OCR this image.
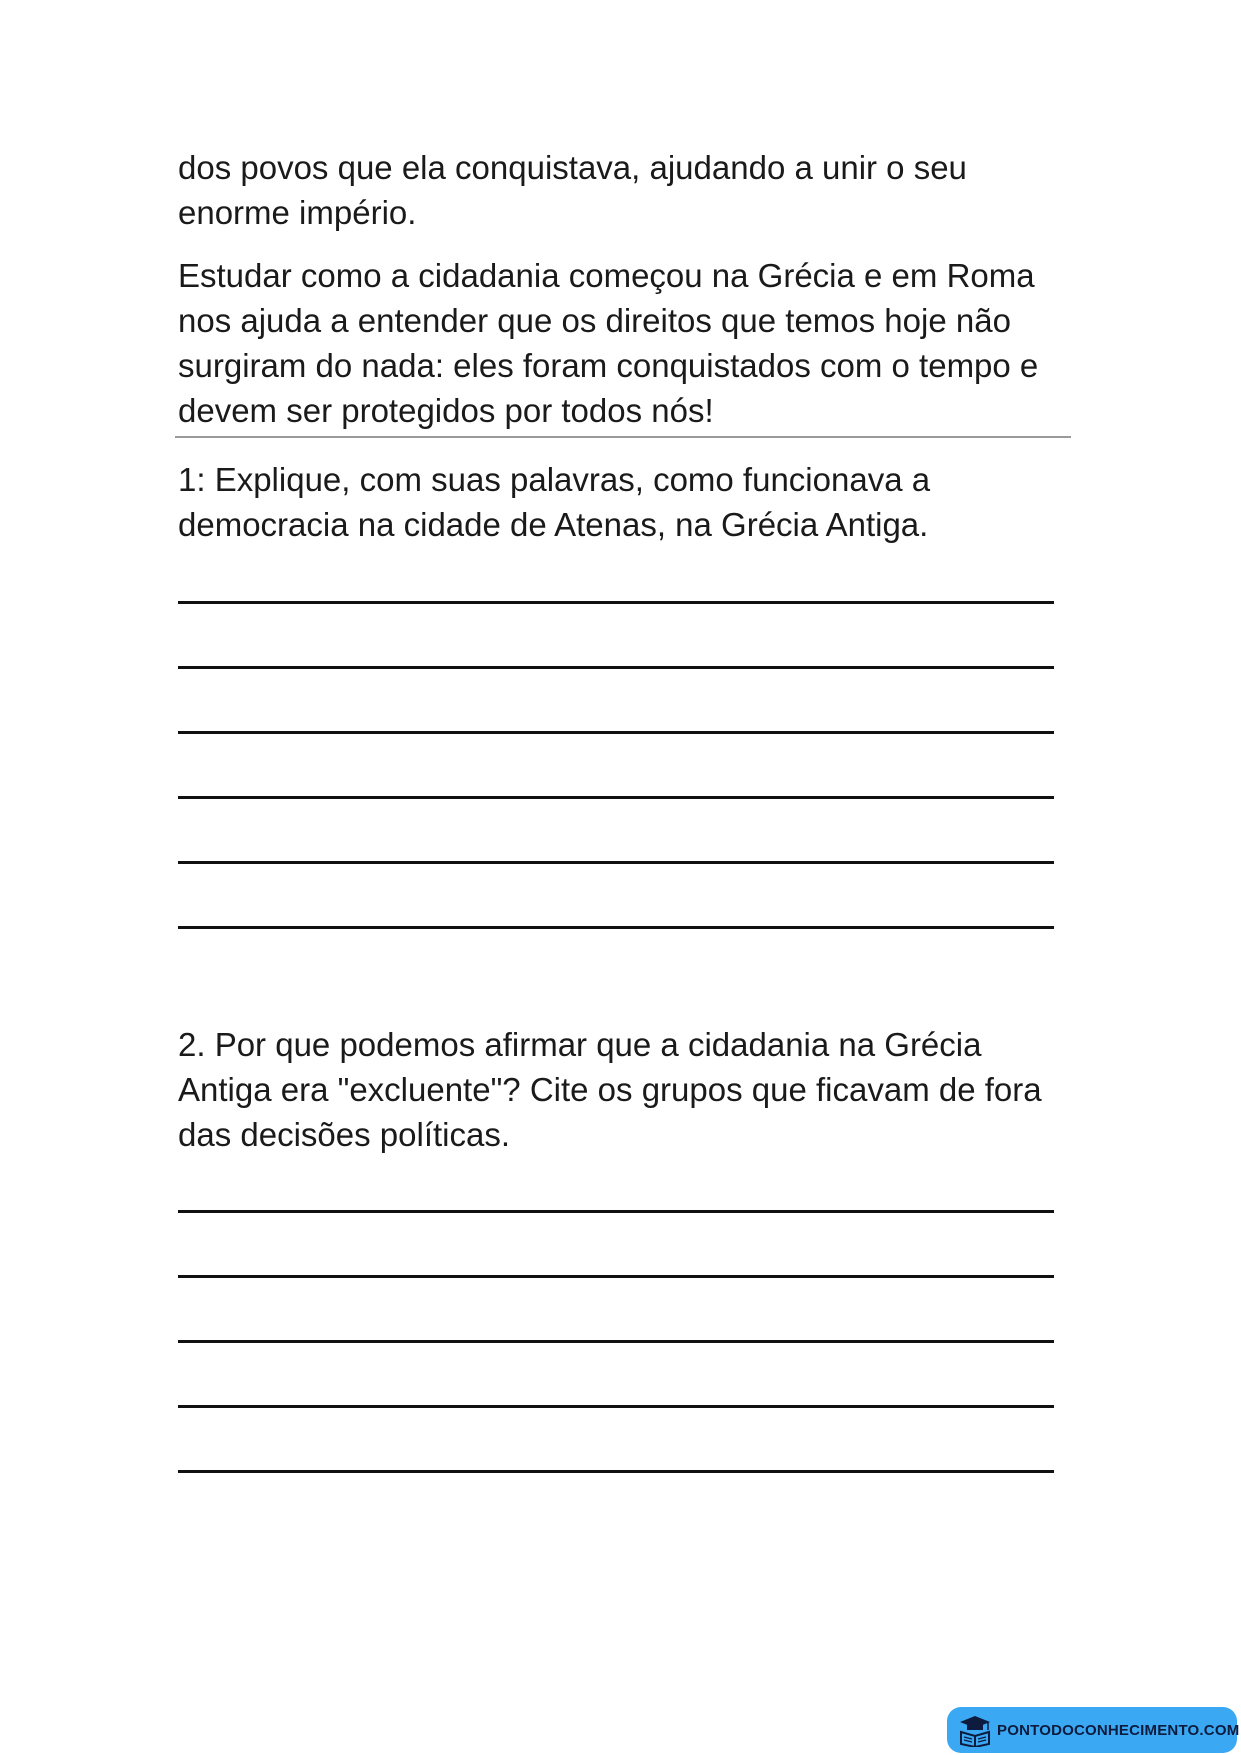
dos povos que ela conquistava, ajudando a unir o seu enorme império.

Estudar como a cidadania começou na Grécia e em Roma nos ajuda a entender que os direitos que temos hoje não surgiram do nada: eles foram conquistados com o tempo e devem ser protegidos por todos nós!

1: Explique, com suas palavras, como funcionava a democracia na cidade de Atenas, na Grécia Antiga.

2. Por que podemos afirmar que a cidadania na Grécia Antiga era "excluente"? Cite os grupos que ficavam de fora das decisões políticas.

PONTODOCONHECIMENTO.COM
